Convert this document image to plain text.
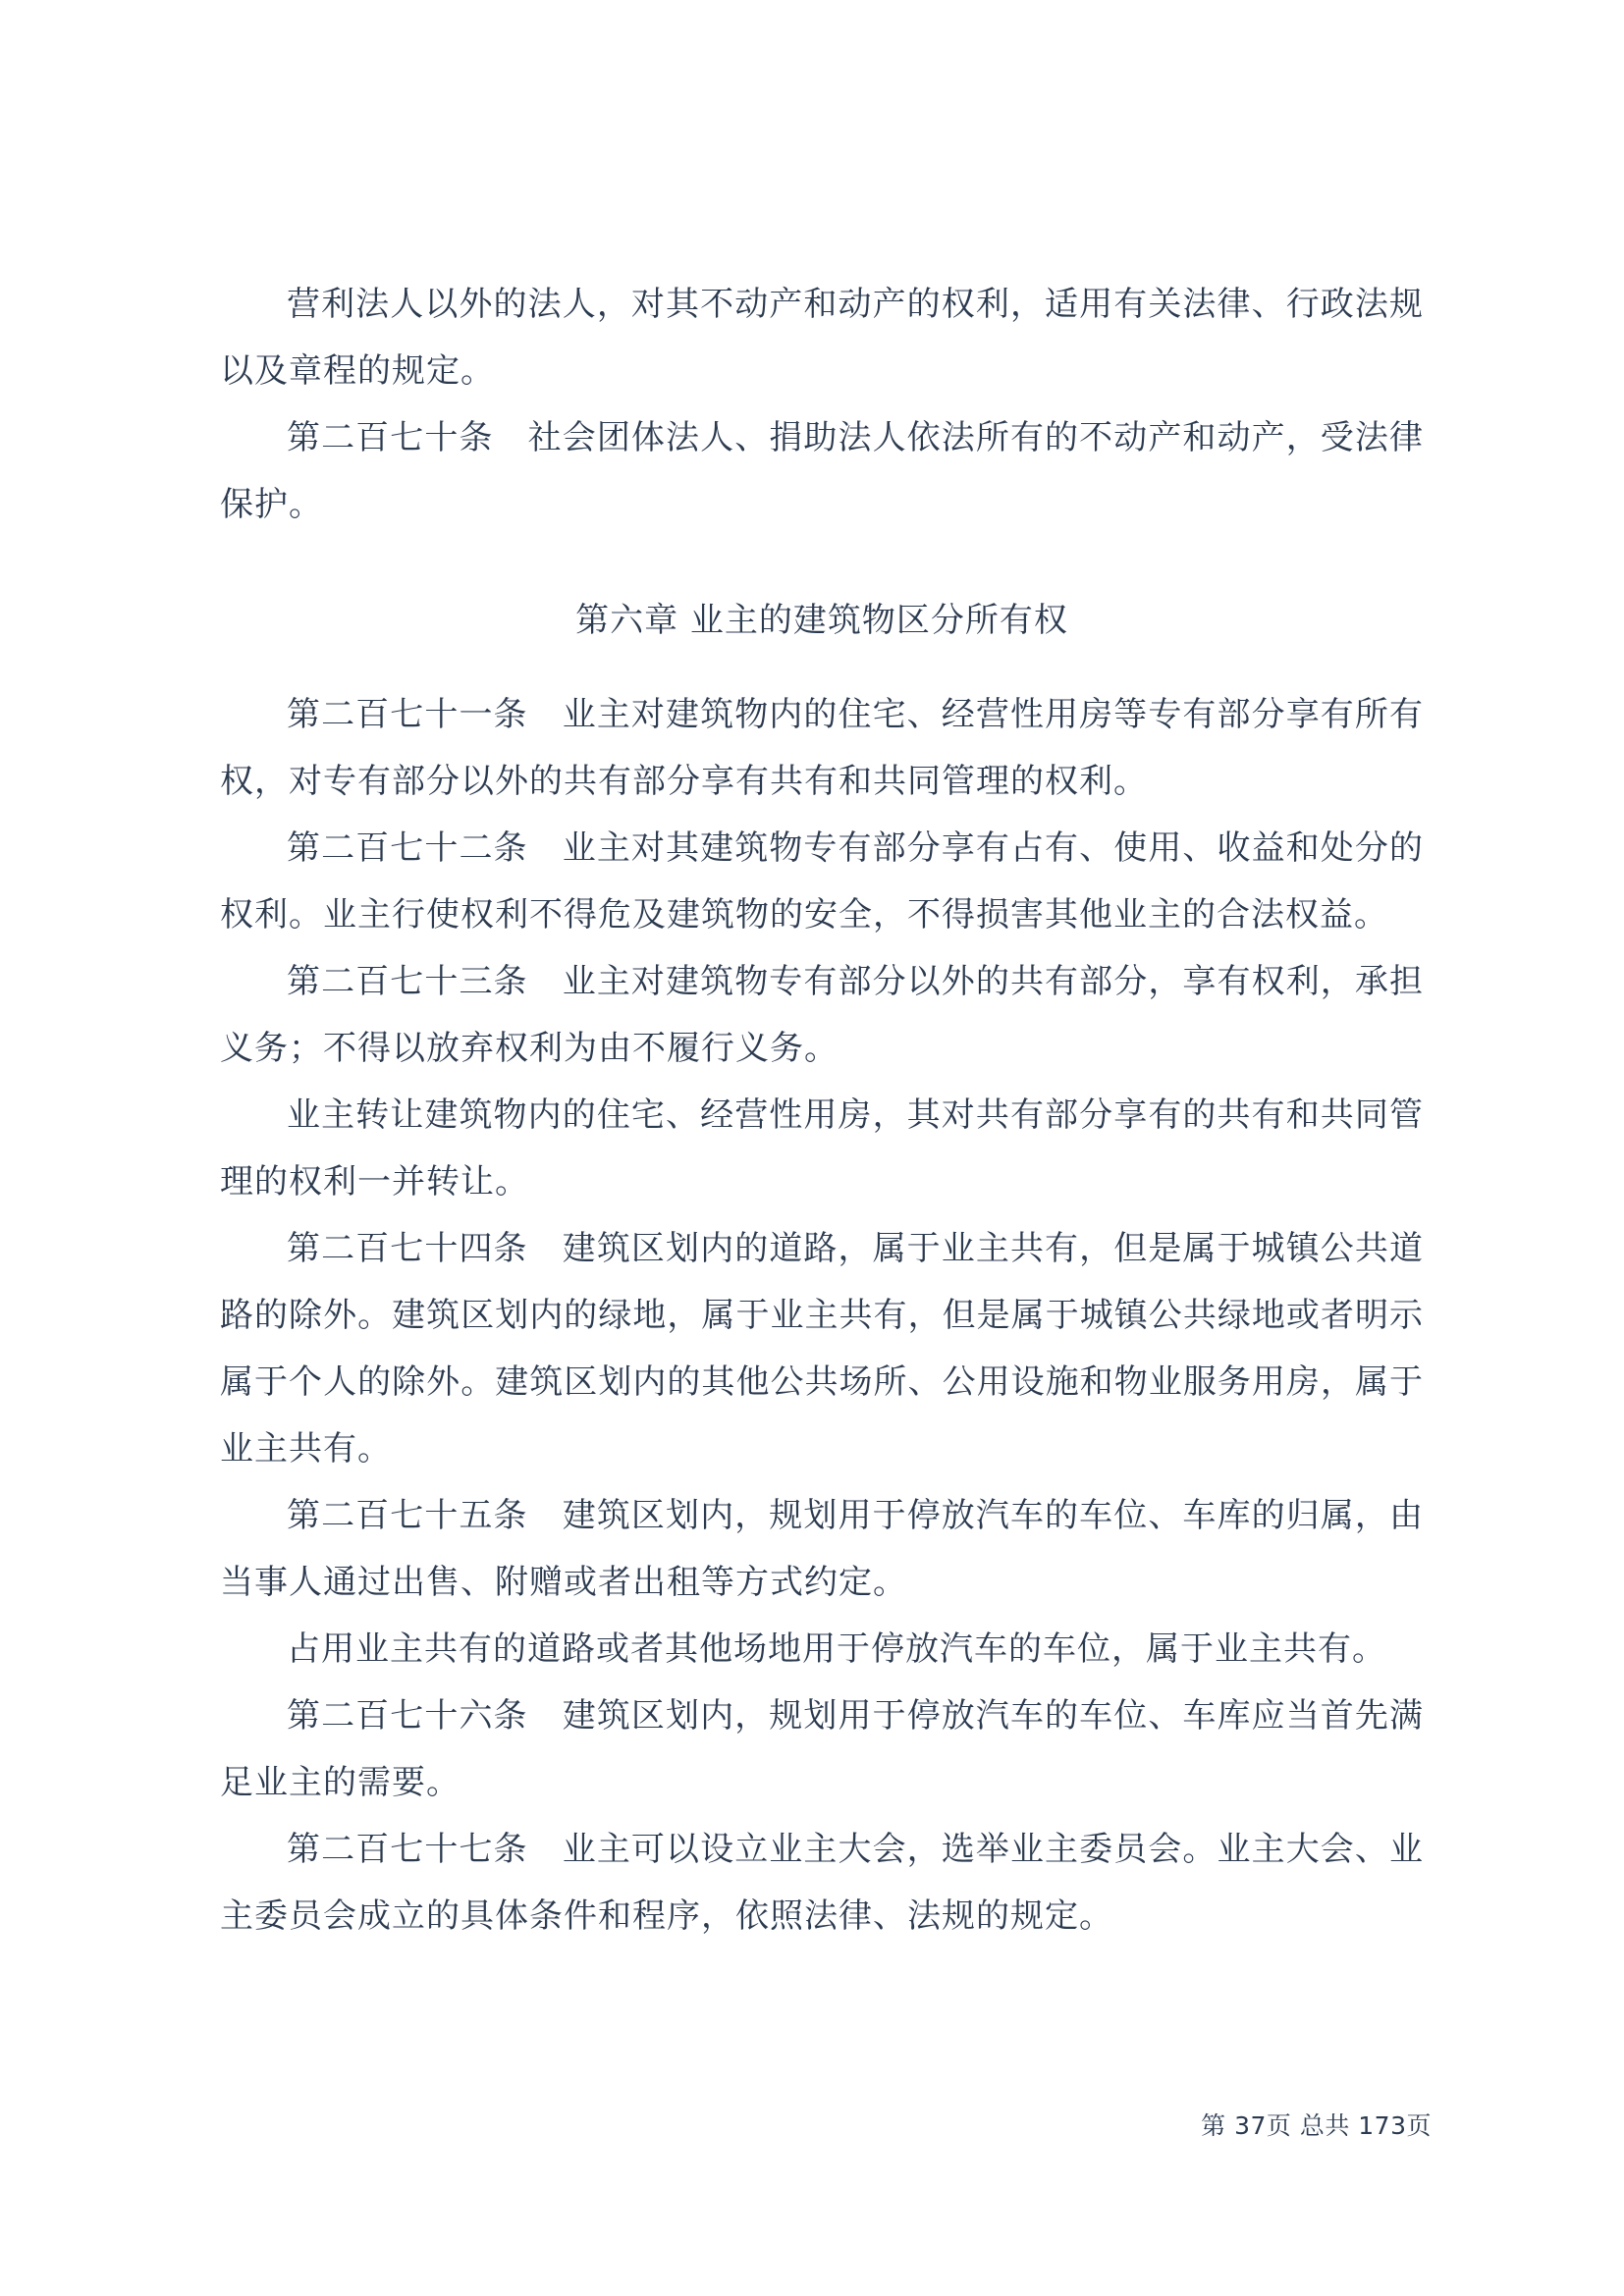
营利法人以外的法人，对其不动产和动产的权利，适用有关法律、行政法规以及章程的规定。

第二百七十条　社会团体法人、捐助法人依法所有的不动产和动产，受法律保护。

第六章 业主的建筑物区分所有权

第二百七十一条　业主对建筑物内的住宅、经营性用房等专有部分享有所有权，对专有部分以外的共有部分享有共有和共同管理的权利。

第二百七十二条　业主对其建筑物专有部分享有占有、使用、收益和处分的权利。业主行使权利不得危及建筑物的安全，不得损害其他业主的合法权益。

第二百七十三条　业主对建筑物专有部分以外的共有部分，享有权利，承担义务；不得以放弃权利为由不履行义务。

业主转让建筑物内的住宅、经营性用房，其对共有部分享有的共有和共同管理的权利一并转让。

第二百七十四条　建筑区划内的道路，属于业主共有，但是属于城镇公共道路的除外。建筑区划内的绿地，属于业主共有，但是属于城镇公共绿地或者明示属于个人的除外。建筑区划内的其他公共场所、公用设施和物业服务用房，属于业主共有。

第二百七十五条　建筑区划内，规划用于停放汽车的车位、车库的归属，由当事人通过出售、附赠或者出租等方式约定。

占用业主共有的道路或者其他场地用于停放汽车的车位，属于业主共有。

第二百七十六条　建筑区划内，规划用于停放汽车的车位、车库应当首先满足业主的需要。

第二百七十七条　业主可以设立业主大会，选举业主委员会。业主大会、业主委员会成立的具体条件和程序，依照法律、法规的规定。

第 37页 总共 173页
